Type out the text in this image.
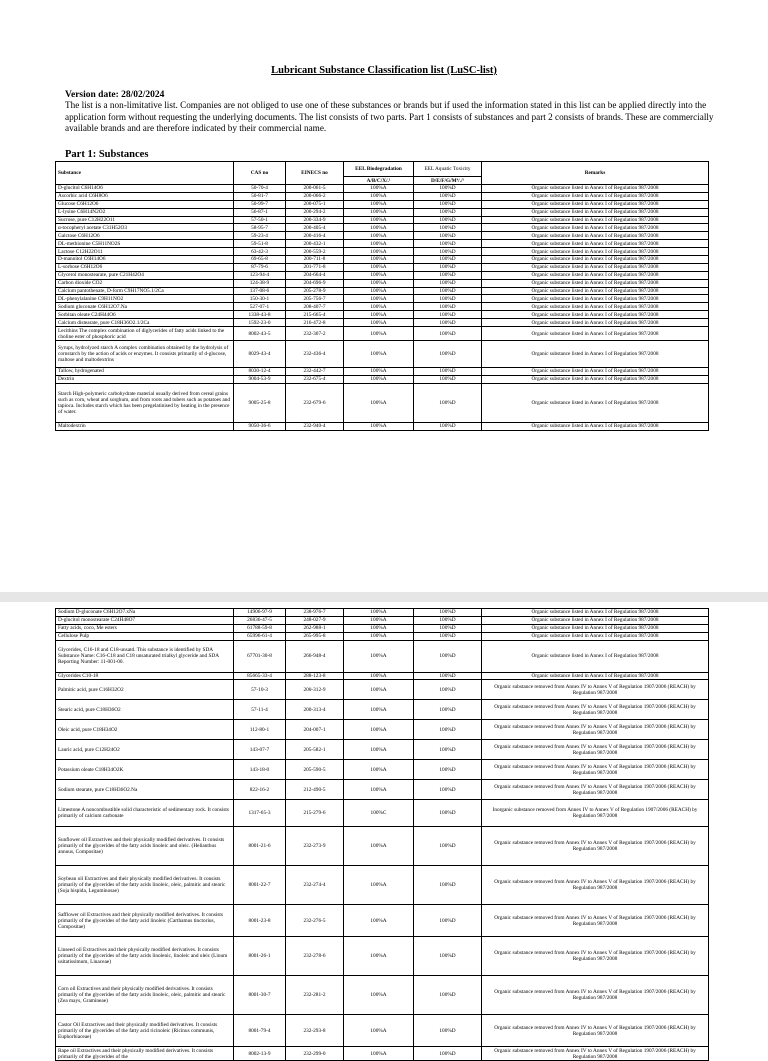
Lubricant Substance Classification list (LuSC-list)
Version date: 28/02/2024
The list is a non-limitative list. Companies are not obliged to use one of these substances or brands but if used the information stated in this list can be applied directly into the application form without requesting the underlying documents. The list consists of two parts. Part 1 consists of substances and part 2 consists of brands. These are commercially available brands and are therefore indicated by their commercial name.
Part 1: Substances
Substance	CAS no	EINECS no	EEL Biodegradation	EEL Aquatic Toxicity	Remarks
			A/B/C/X/.¹	D/E/F/G/M⁴/./¹	
D-glucitol C6H14O6	50-70-4	200-061-5	100%A	100%D	Organic substance listed in Annex I of Regulation 987/2008
Ascorbic acid C6H8O6	50-81-7	200-066-2	100%A	100%D	Organic substance listed in Annex I of Regulation 987/2008
Glucose C6H12O6	50-99-7	200-075-1	100%A	100%D	Organic substance listed in Annex I of Regulation 987/2008
L-lysine C6H14N2O2	56-87-1	200-294-2	100%A	100%D	Organic substance listed in Annex I of Regulation 987/2008
Sucrose, pure C12H22O11	57-50-1	200-334-9	100%A	100%D	Organic substance listed in Annex I of Regulation 987/2008
α-tocopheryl acetate C31H52O3	58-95-7	200-405-4	100%A	100%D	Organic substance listed in Annex I of Regulation 987/2008
Galctose C6H12O6	59-23-4	200-416-4	100%A	100%D	Organic substance listed in Annex I of Regulation 987/2008
DL-methionine C5H11NO2S	59-51-8	200-432-1	100%A	100%D	Organic substance listed in Annex I of Regulation 987/2008
Lactose C12H22O11	63-42-3	200-559-2	100%A	100%D	Organic substance listed in Annex I of Regulation 987/2008
D-mannitol C6H14O6	69-65-8	200-711-8	100%A	100%D	Organic substance listed in Annex I of Regulation 987/2008
L-sorbose C6H12O6	87-79-6	201-771-8	100%A	100%D	Organic substance listed in Annex I of Regulation 987/2008
Glycerol monostearate, pure C21H42O4	123-94-4	204-664-4	100%A	100%D	Organic substance listed in Annex I of Regulation 987/2008
Carbon dioxide CO2	124-38-9	204-696-9	100%A	100%D	Organic substance listed in Annex I of Regulation 987/2008
Calcium pantothenate, D-form C9H17NO5.1/2Ca	137-08-6	205-278-9	100%A	100%D	Organic substance listed in Annex I of Regulation 987/2008
DL-phenylalanine C9H11NO2	150-30-1	205-756-7	100%A	100%D	Organic substance listed in Annex I of Regulation 987/2008
Sodium gluconate C6H12O7.Na	527-07-1	208-407-7	100%A	100%D	Organic substance listed in Annex I of Regulation 987/2008
Sorbitan oleate C24H44O6	1338-43-8	215-665-4	100%A	100%D	Organic substance listed in Annex I of Regulation 987/2008
Calcium distearate, pure C18H36O2.1/2Ca	1592-23-0	216-472-8	100%A	100%D	Organic substance listed in Annex I of Regulation 987/2008
Lecithins The complex combination of diglycerides of fatty acids linked to the choline ester of phosphoric acid	8002-43-5	232-307-2	100%A	100%D	Organic substance listed in Annex I of Regulation 987/2008
Syrups, hydrolyzed starch A complex combination obtained by the hydrolysis of cornstarch by the action of acids or enzymes. It consists primarily of d-glucose, maltose and maltodextrins	8029-43-4	232-436-4	100%A	100%D	Organic substance listed in Annex I of Regulation 987/2008
Tallow, hydrogenated	8030-12-4	232-442-7	100%A	100%D	Organic substance listed in Annex I of Regulation 987/2008
Dextrin	9004-53-9	232-675-4	100%A	100%D	Organic substance listed in Annex I of Regulation 987/2008
Starch High-polymeric carbohydrate material usually derived from cereal grains such as corn, wheat and sorghum, and from roots and tubers such as potatoes and tapioca. Includes starch which has been pregelatinised by heating in the presence of water.	9005-25-8	232-679-6	100%A	100%D	Organic substance listed in Annex I of Regulation 987/2008
Maltodextrin	9050-36-6	232-940-4	100%A	100%D	Organic substance listed in Annex I of Regulation 987/2008
Sodium D-gluconate C6H12O7.xNa	14906-97-9	238-976-7	100%A	100%D	Organic substance listed in Annex I of Regulation 987/2008
D-glucitol monostearate C24H48O7	26836-47-5	248-027-9	100%A	100%D	Organic substance listed in Annex I of Regulation 987/2008
Fatty acids, coco, Me esters	61788-59-8	262-988-1	100%A	100%D	Organic substance listed in Annex I of Regulation 987/2008
Cellulose Pulp	65996-61-4	265-995-8	100%A	100%D	Organic substance listed in Annex I of Regulation 987/2008
Glycerides, C16-18 and C18-unsatd. This substance is identified by SDA Substance Name: C16-C18 and C18 unsaturated trialkyl glyceride and SDA Reporting Number: 11-001-00.	67701-30-8	266-948-4	100%A	100%D	Organic substance listed in Annex I of Regulation 987/2008
Glycerides C10-18	85665-33-4	288-123-8	100%A	100%D	Organic substance listed in Annex I of Regulation 987/2008
Palmitic acid, pure C16H32O2	57-10-3	200-312-9	100%A	100%D	Organic substance removed from Annex IV to Annex V of Regulation 1907/2006 (REACH) by Regulation 987/2008
Stearic acid, pure C18H36O2	57-11-4	200-313-4	100%A	100%D	Organic substance removed from Annex IV to Annex V of Regulation 1907/2006 (REACH) by Regulation 987/2008
Oleic acid, pure C18H34O2	112-80-1	204-007-1	100%A	100%D	Organic substance removed from Annex IV to Annex V of Regulation 1907/2006 (REACH) by Regulation 987/2008
Lauric acid, pure C12H24O2	143-07-7	205-582-1	100%A	100%D	Organic substance removed from Annex IV to Annex V of Regulation 1907/2006 (REACH) by Regulation 987/2008
Potassium oleate C18H34O2K	143-18-0	205-590-5	100%A	100%D	Organic substance removed from Annex IV to Annex V of Regulation 1907/2006 (REACH) by Regulation 987/2008
Sodium stearate, pure C18H36O2.Na	822-16-2	212-490-5	100%A	100%D	Organic substance removed from Annex IV to Annex V of Regulation 1907/2006 (REACH) by Regulation 987/2008
Limestone A noncombustible solid characteristic of sedimentary rock. It consists primarily of calcium carbonate	1317-65-3	215-279-6	100%C	100%D	Inorganic substance removed from Annex IV to Annex V of Regulation 1907/2006 (REACH) by Regulation 987/2008
Sunflower oil Extractives and their physically modified derivatives. It consists primarily of the glycerides of the fatty acids linoleic and oleic. (Helianthus annuus, Compositae)	8001-21-6	232-273-9	100%A	100%D	Organic substance removed from Annex IV to Annex V of Regulation 1907/2006 (REACH) by Regulation 987/2008
Soybean oil Extractives and their physically modified derivatives. It consists primarily of the glycerides of the fatty acids linoleic, oleic, palmitic and stearic (Soja hispida, Leguminosae)	8001-22-7	232-274-4	100%A	100%D	Organic substance removed from Annex IV to Annex V of Regulation 1907/2006 (REACH) by Regulation 987/2008
Safflower oil Extractives and their physically modified derivatives. It consists primarily of the glycerides of the fatty acid linoleic (Carthamus tinctorius, Compositae)	8001-23-8	232-276-5	100%A	100%D	Organic substance removed from Annex IV to Annex V of Regulation 1907/2006 (REACH) by Regulation 987/2008
Linseed oil Extractives and their physically modified derivatives. It consists primarily of the glycerides of the fatty acids linolenic, linoleic and oleic (Linum usitatissimum, Linaceae)	8001-26-1	232-278-6	100%A	100%D	Organic substance removed from Annex IV to Annex V of Regulation 1907/2006 (REACH) by Regulation 987/2008
Corn oil Extractives and their physically modified derivatives. It consists primarily of the glycerides of the fatty acids linoleic, oleic, palmitic and stearic (Zea mays, Gramineae)	8001-30-7	232-281-2	100%A	100%D	Organic substance removed from Annex IV to Annex V of Regulation 1907/2006 (REACH) by Regulation 987/2008
Castor Oil Extractives and their physically modified derivatives. It consists primarily of the glycerides of the fatty acid ricinoleic (Ricinus communis, Euphorbiaceae)	8001-79-4	232-293-8	100%A	100%D	Organic substance removed from Annex IV to Annex V of Regulation 1907/2006 (REACH) by Regulation 987/2008
Rape oil Extractives and their physically modified derivatives. It consists primarily of the glycerides of the	8002-13-9	232-299-0	100%A	100%D	Organic substance removed from Annex IV to Annex V of Regulation 1907/2006 (REACH) by Regulation 987/2008
